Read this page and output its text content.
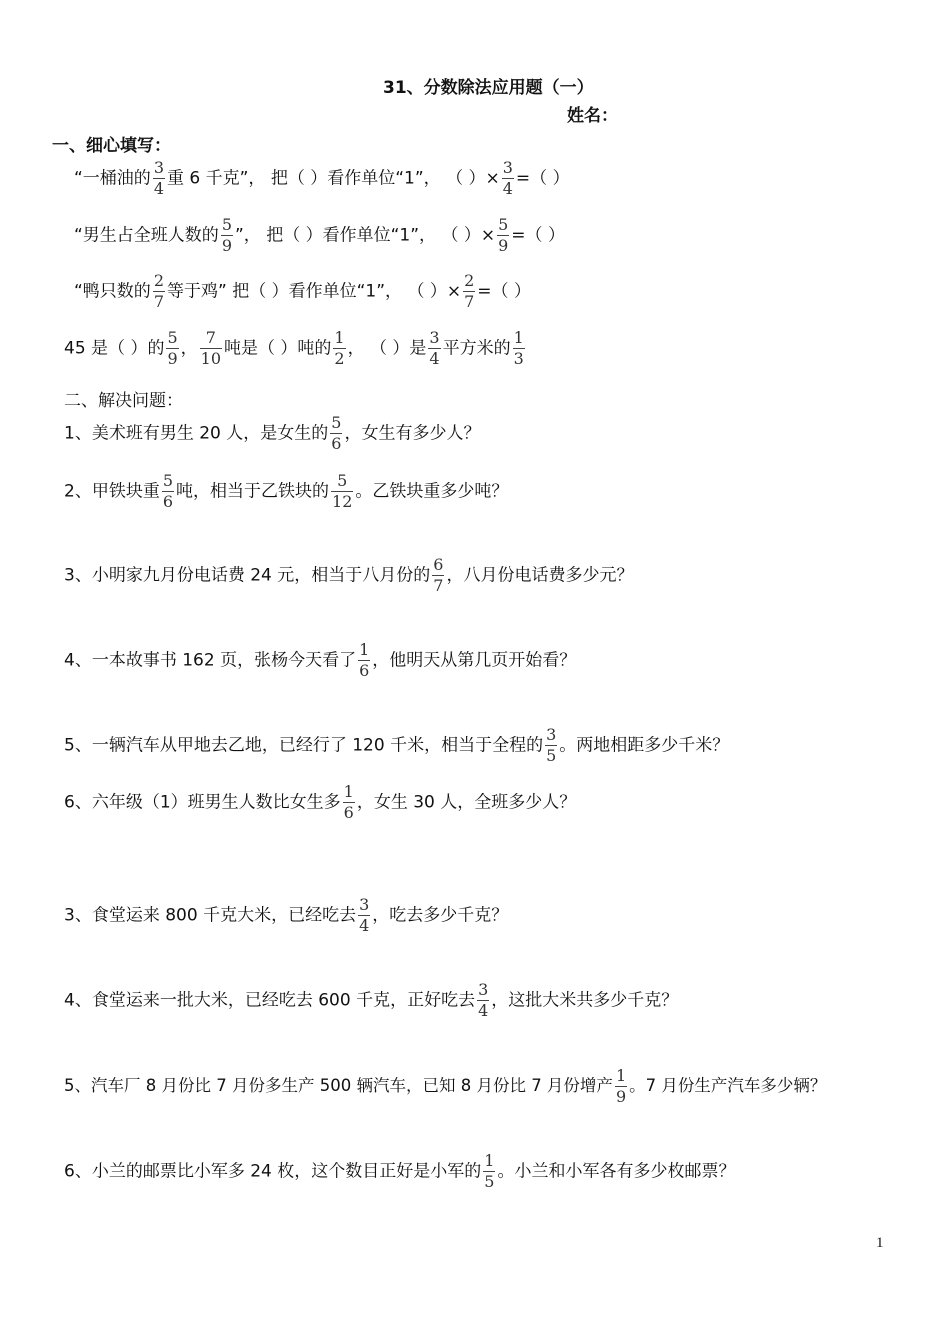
31、分数除法应用题（一）
姓名：
一、细心填写：
“一桶油的 $\frac{3}{4}$ 重 6 千克”， 把（ ）看作单位“1”， （ ）× $\frac{3}{4}$ =（ ）
“男生占全班人数的 $\frac{5}{9}$ ”， 把（ ）看作单位“1”， （ ）× $\frac{5}{9}$ =（ ）
“鸭只数的 $\frac{2}{7}$ 等于鸡” 把（ ）看作单位“1”， （ ）× $\frac{2}{7}$ =（ ）
45 是（ ）的 $\frac{5}{9}$ ， $\frac{7}{10}$ 吨是（ ）吨的 $\frac{1}{2}$ ， （ ）是 $\frac{3}{4}$ 平方米的 $\frac{1}{3}$
二、解决问题：
1、美术班有男生 20 人，是女生的 $\frac{5}{6}$ ，女生有多少人？
2、甲铁块重 $\frac{5}{6}$ 吨，相当于乙铁块的 $\frac{5}{12}$ 。乙铁块重多少吨？
3、小明家九月份电话费 24 元，相当于八月份的 $\frac{6}{7}$ ，八月份电话费多少元？
4、一本故事书 162 页，张杨今天看了 $\frac{1}{6}$ ，他明天从第几页开始看？
5、一辆汽车从甲地去乙地，已经行了 120 千米，相当于全程的 $\frac{3}{5}$ 。两地相距多少千米？
6、六年级（1）班男生人数比女生多 $\frac{1}{6}$ ，女生 30 人，全班多少人？
3、食堂运来 800 千克大米，已经吃去 $\frac{3}{4}$ ，吃去多少千克？
4、食堂运来一批大米，已经吃去 600 千克，正好吃去 $\frac{3}{4}$ ，这批大米共多少千克？
5、汽车厂 8 月份比 7 月份多生产 500 辆汽车，已知 8 月份比 7 月份增产 $\frac{1}{9}$ 。7 月份生产汽车多少辆？
6、小兰的邮票比小军多 24 枚，这个数目正好是小军的 $\frac{1}{5}$ 。小兰和小军各有多少枚邮票？
1
